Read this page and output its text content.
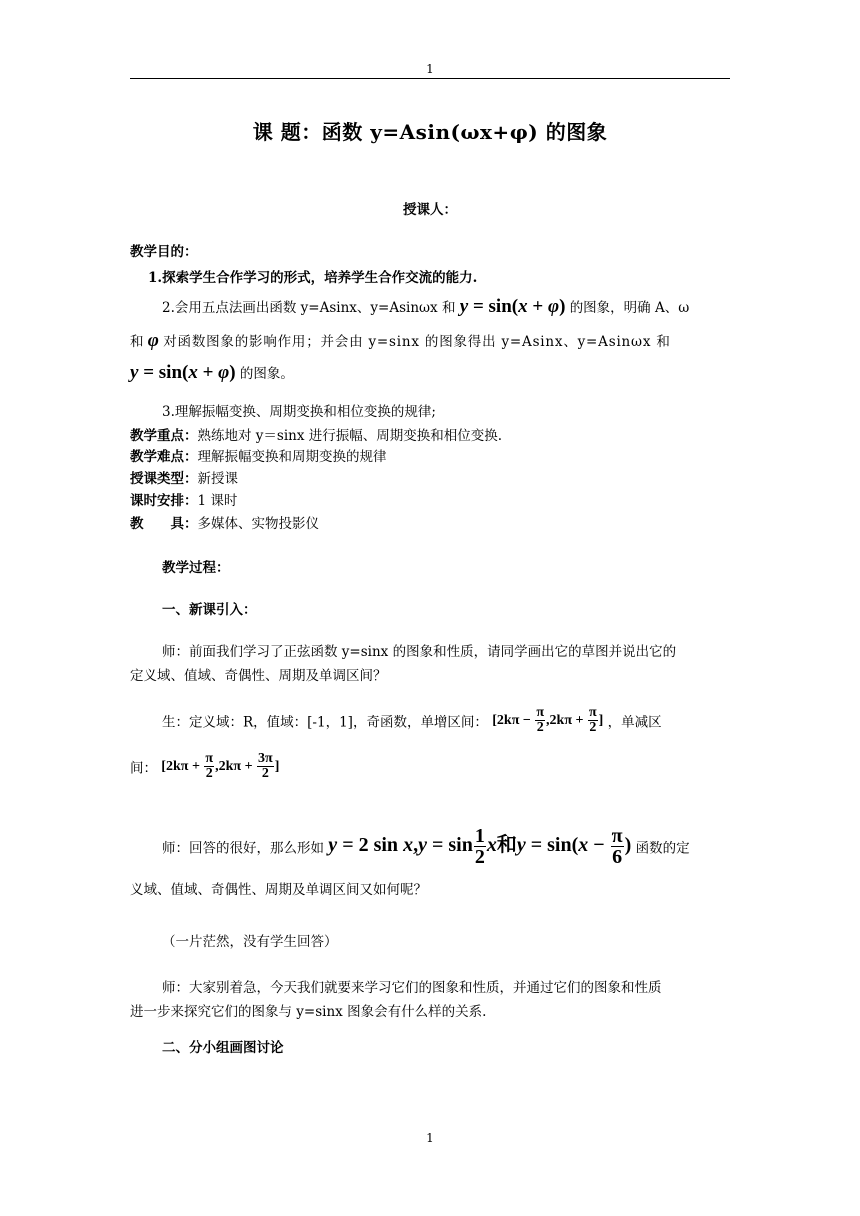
1
课 题：函数 y=Asin(ωx+φ) 的图象
授课人：
教学目的：
1.探索学生合作学习的形式，培养学生合作交流的能力.
2.会用五点法画出函数 y=Asinx、y=Asinωx 和 y = sin(x + φ) 的图象，明确 A、ω
和 φ 对函数图象的影响作用；并会由 y=sinx 的图象得出 y=Asinx、y=Asinωx 和
y = sin(x + φ) 的图象。
3.理解振幅变换、周期变换和相位变换的规律;
教学重点：熟练地对 y＝sinx 进行振幅、周期变换和相位变换.
教学难点：理解振幅变换和周期变换的规律
授课类型：新授课
课时安排：1 课时
教　　具：多媒体、实物投影仪
教学过程：
一、新课引入：
师：前面我们学习了正弦函数 y=sinx 的图象和性质，请同学画出它的草图并说出它的
定义域、值域、奇偶性、周期及单调区间？
生：定义域：R，值域：[-1，1]，奇函数，单增区间： [$2k\pi - \frac{\pi}{2} ,2k\pi + \frac{\pi}{2}$ ] ，单减区
间： [$2k\pi + \frac{\pi}{2} ,2k\pi + \frac{3\pi}{2}$ ]
师：回答的很好，那么形如 y = 2 $\sin x,y = \sin \frac{1}{2}$ x和$y = \sin(x - \frac{\pi}{6}$ ) 函数的定
义域、值域、奇偶性、周期及单调区间又如何呢？
（一片茫然，没有学生回答）
师：大家别着急，今天我们就要来学习它们的图象和性质，并通过它们的图象和性质
进一步来探究它们的图象与 y=sinx 图象会有什么样的关系.
二、分小组画图讨论
1
